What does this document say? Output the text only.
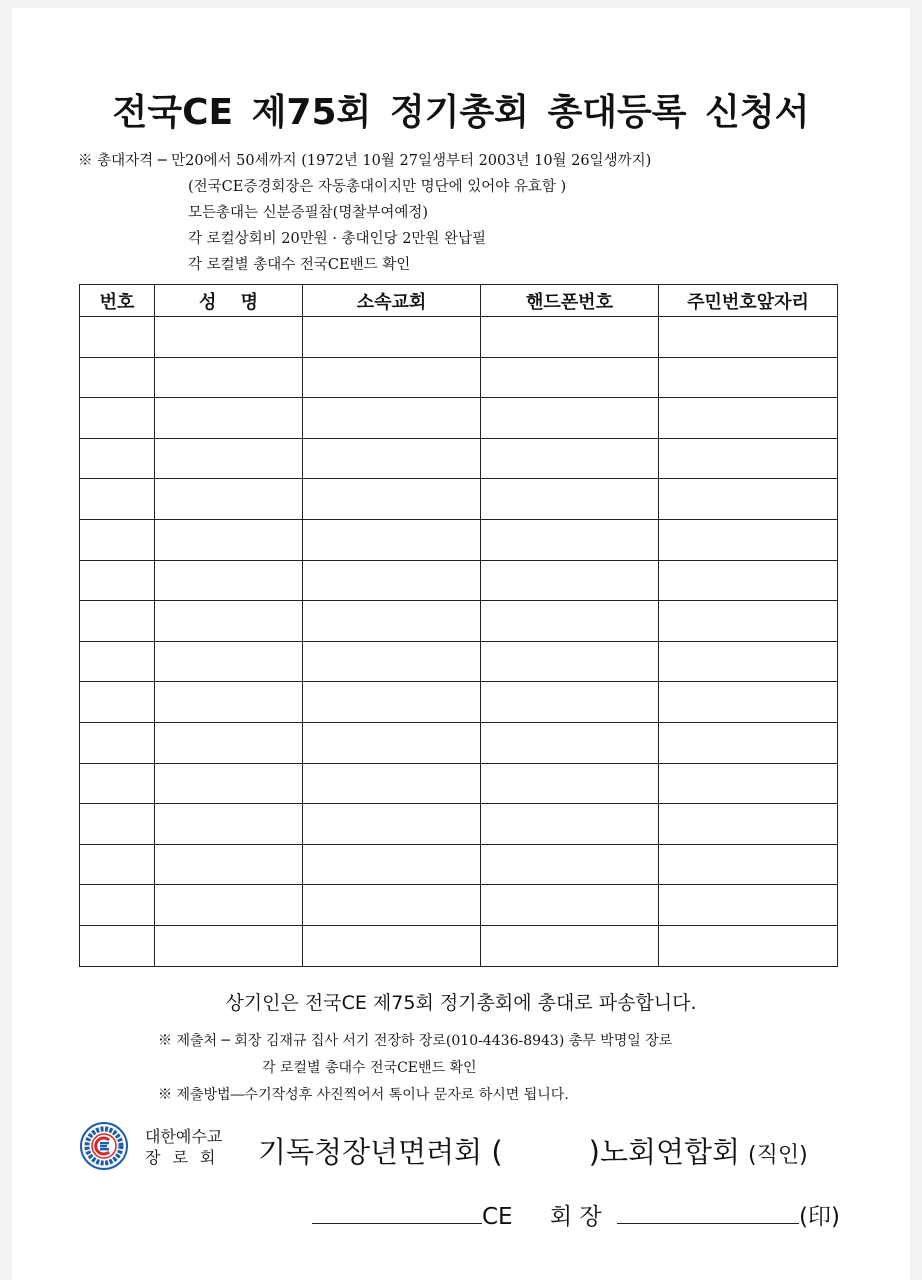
전국CE 제75회 정기총회 총대등록 신청서
※ 총대자격 ─ 만20에서 50세까지 (1972년 10월 27일생부터 2003년 10월 26일생까지)
(전국CE증경회장은 자동총대이지만 명단에 있어야 유효함 )
모든총대는 신분증필참(명찰부여예정)
각 로컬상회비 20만원 · 총대인당 2만원 완납필
각 로컬별 총대수 전국CE밴드 확인
번호	성　 명	소속교회	핸드폰번호	주민번호앞자리

상기인은 전국CE 제75회 정기총회에 총대로 파송합니다.
※ 제출처 ─ 회장 김재규 집사 서기 전장하 장로(010-4436-8943) 총무 박명일 장로
각 로컬별 총대수 전국CE밴드 확인
※ 제출방법―수기작성후 사진찍어서 톡이나 문자로 하시면 됩니다.
대한예수교
장로회 기독청장년면려회 (	)노회연합회 (직인)
CE 회 장	(印)
